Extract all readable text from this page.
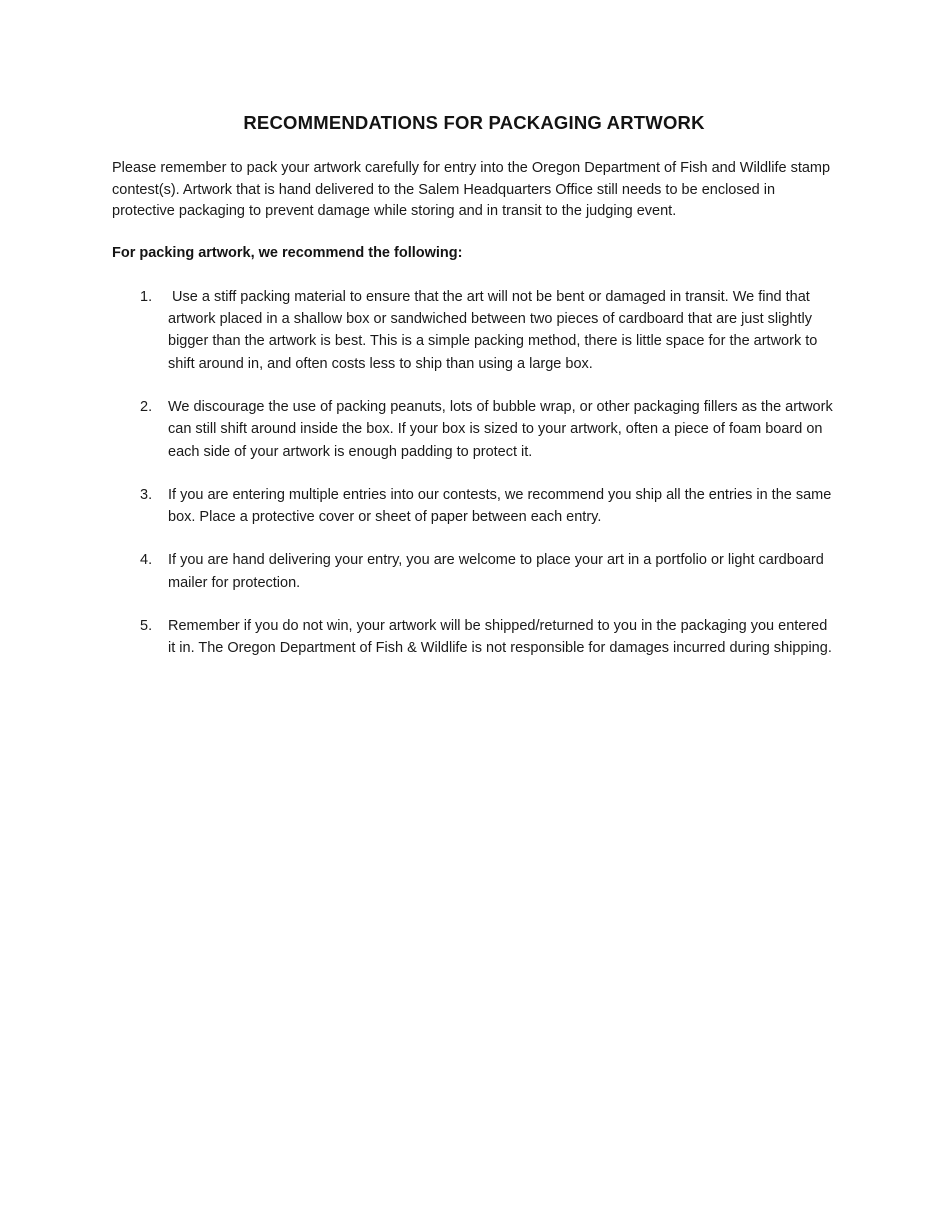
RECOMMENDATIONS FOR PACKAGING ARTWORK

Please remember to pack your artwork carefully for entry into the Oregon Department of Fish and Wildlife stamp contest(s). Artwork that is hand delivered to the Salem Headquarters Office still needs to be enclosed in protective packaging to prevent damage while storing and in transit to the judging event.

For packing artwork, we recommend the following:

1.	Use a stiff packing material to ensure that the art will not be bent or damaged in transit. We find that artwork placed in a shallow box or sandwiched between two pieces of cardboard that are just slightly bigger than the artwork is best. This is a simple packing method, there is little space for the artwork to shift around in, and often costs less to ship than using a large box.
2.	We discourage the use of packing peanuts, lots of bubble wrap, or other packaging fillers as the artwork can still shift around inside the box. If your box is sized to your artwork, often a piece of foam board on each side of your artwork is enough padding to protect it.
3.	If you are entering multiple entries into our contests, we recommend you ship all the entries in the same box. Place a protective cover or sheet of paper between each entry.
4.	If you are hand delivering your entry, you are welcome to place your art in a portfolio or light cardboard mailer for protection.
5.	Remember if you do not win, your artwork will be shipped/returned to you in the packaging you entered it in. The Oregon Department of Fish & Wildlife is not responsible for damages incurred during shipping.
